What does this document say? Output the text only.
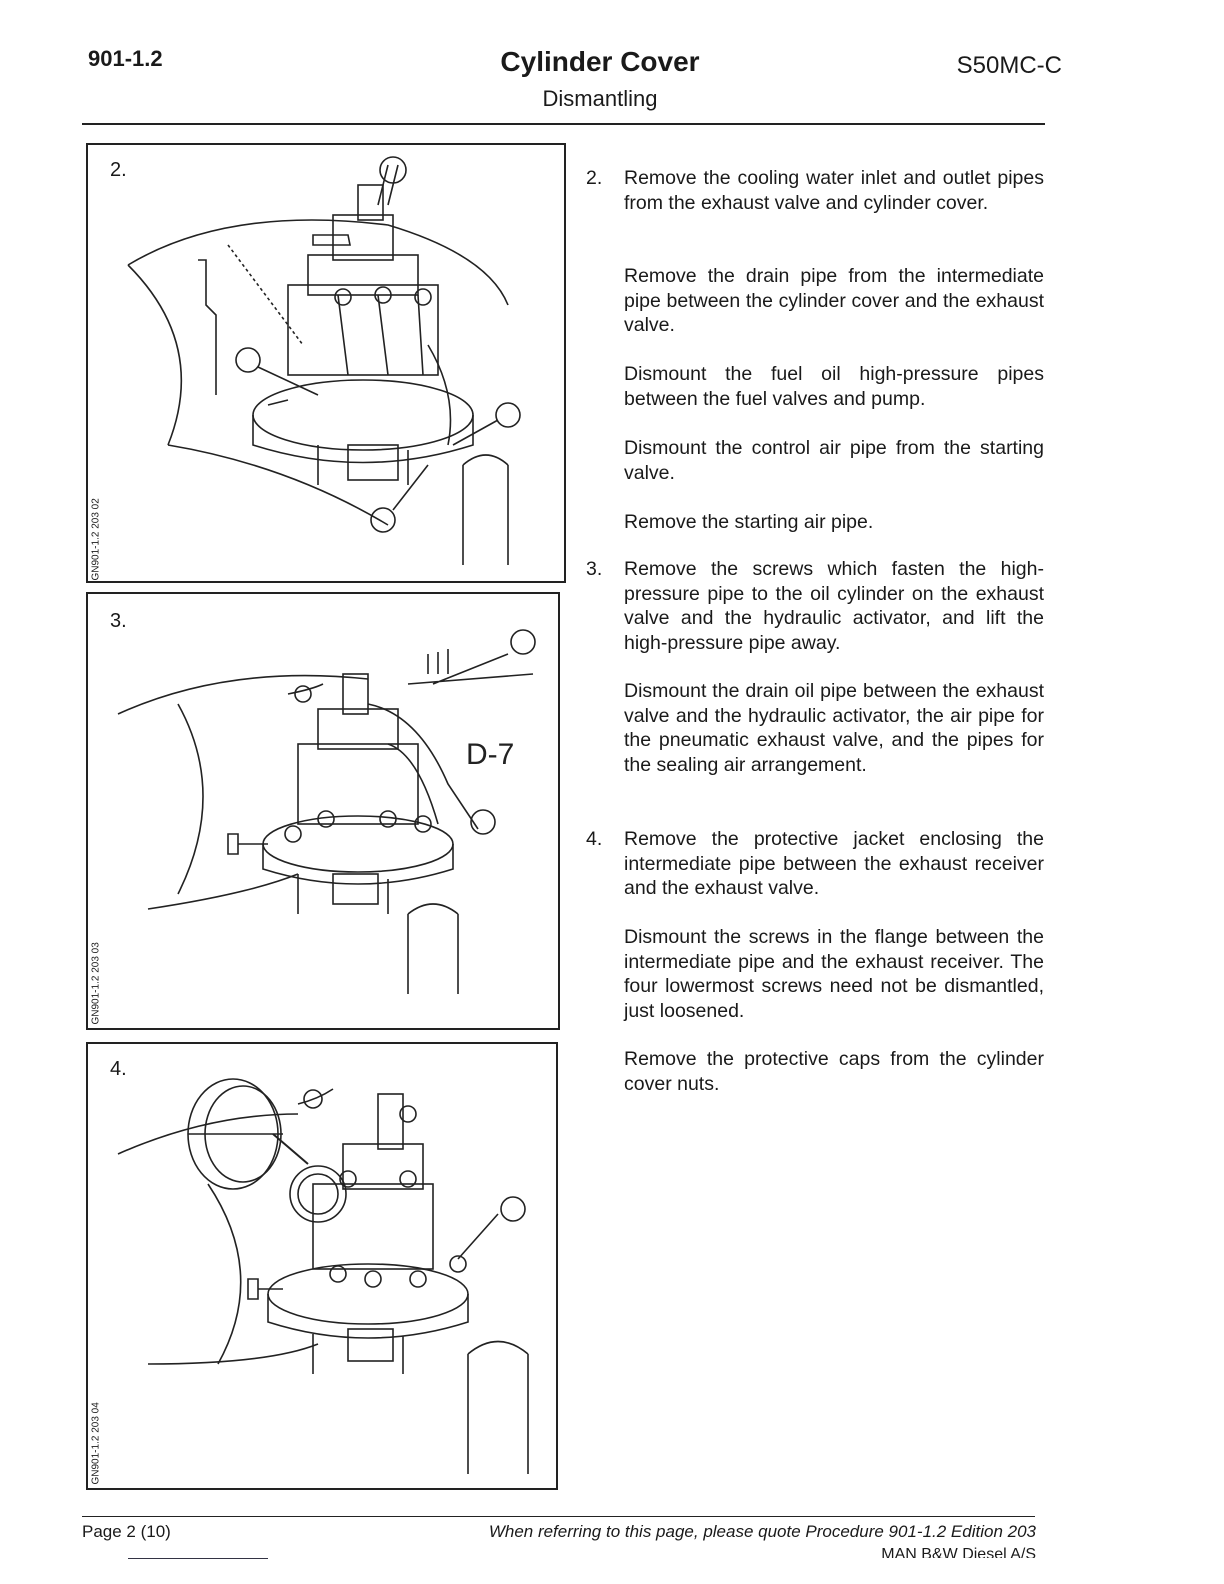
901-1.2	Cylinder Cover	S50MC-C
Dismantling
2.
GN901-1.2 203 02
D-7
3.
GN901-1.2 203 03
4.
GN901-1.2 203 04
2.	Remove the cooling water inlet and outlet pipes from the exhaust valve and cylinder cover.
Remove the drain pipe from the intermediate pipe between the cylinder cover and the exhaust valve.
Dismount the fuel oil high-pressure pipes between the fuel valves and pump.
Dismount the control air pipe from the starting valve.
Remove the starting air pipe.
3.	Remove the screws which fasten the high-pressure pipe to the oil cylinder on the exhaust valve and the hydraulic activator, and lift the high-pressure pipe away.
Dismount the drain oil pipe between the exhaust valve and the hydraulic activator, the air pipe for the pneumatic exhaust valve, and the pipes for the sealing air arrangement.
4.	Remove the protective jacket enclosing the intermediate pipe between the exhaust receiver and the exhaust valve.
Dismount the screws in the flange between the intermediate pipe and the exhaust receiver. The four lowermost screws need not be dismantled, just loosened.
Remove the protective caps from the cylinder cover nuts.
Page 2 (10)	When referring to this page, please quote Procedure 901-1.2 Edition 203
MAN B&W Diesel A/S
